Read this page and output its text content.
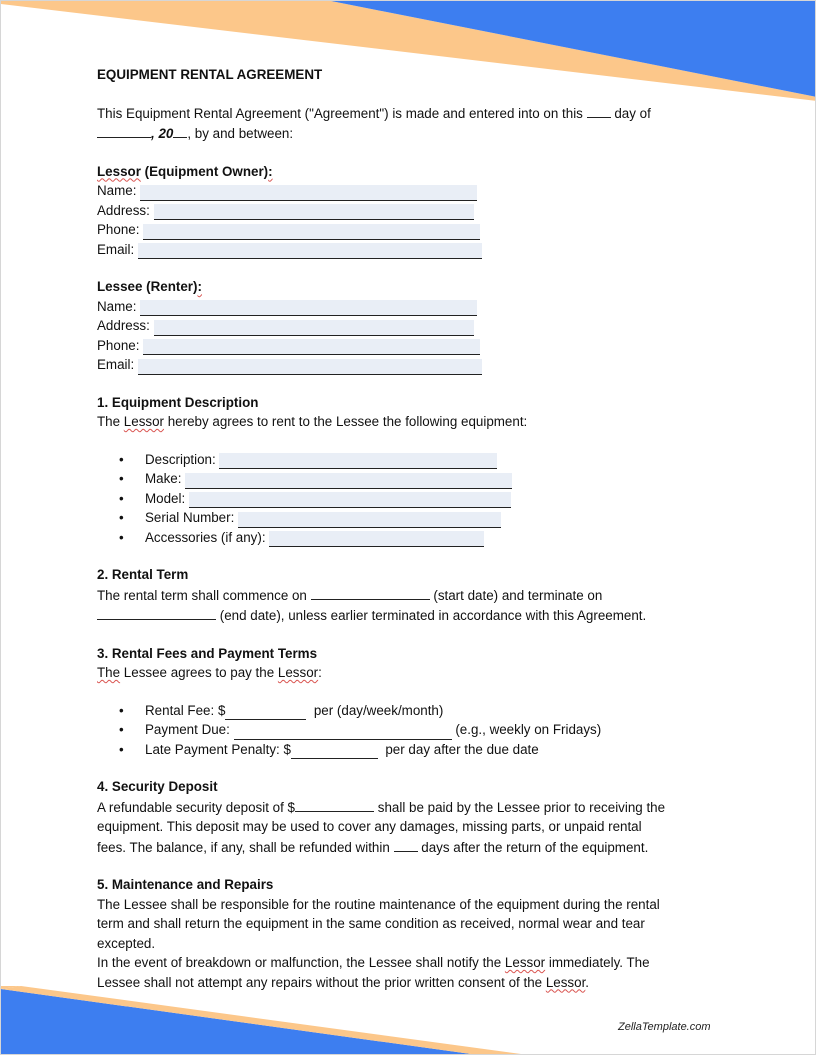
EQUIPMENT RENTAL AGREEMENT

This Equipment Rental Agreement ("Agreement") is made and entered into on this day of
, 20 , by and between:

Lessor (Equipment Owner):

Name:

Address:

Phone:

Email:

Lessee (Renter):

Name:

Address:

Phone:

Email:

1. Equipment Description

The Lessor hereby agrees to rent to the Lessee the following equipment:

• Description:

• Make:

• Model:

• Serial Number:

• Accessories (if any):

2. Rental Term

The rental term shall commence on	(start date) and terminate on
(end date), unless earlier terminated in accordance with this Agreement.

3. Rental Fees and Payment Terms

The Lessee agrees to pay the Lessor:

• Rental Fee: $
	per (day/week/month)
• Payment Due:

	(e.g., weekly on Fridays)
• Late Payment Penalty: $
	per day after the due date

4. Security Deposit

A refundable security deposit of $	shall be paid by the Lessee prior to receiving the
equipment. This deposit may be used to cover any damages, missing parts, or unpaid rental
fees. The balance, if any, shall be refunded within days after the return of the equipment.

5. Maintenance and Repairs

The Lessee shall be responsible for the routine maintenance of the equipment during the rental
term and shall return the equipment in the same condition as received, normal wear and tear
excepted.
In the event of breakdown or malfunction, the Lessee shall notify the Lessor immediately. The
Lessee shall not attempt any repairs without the prior written consent of the Lessor.

ZellaTemplate.com
